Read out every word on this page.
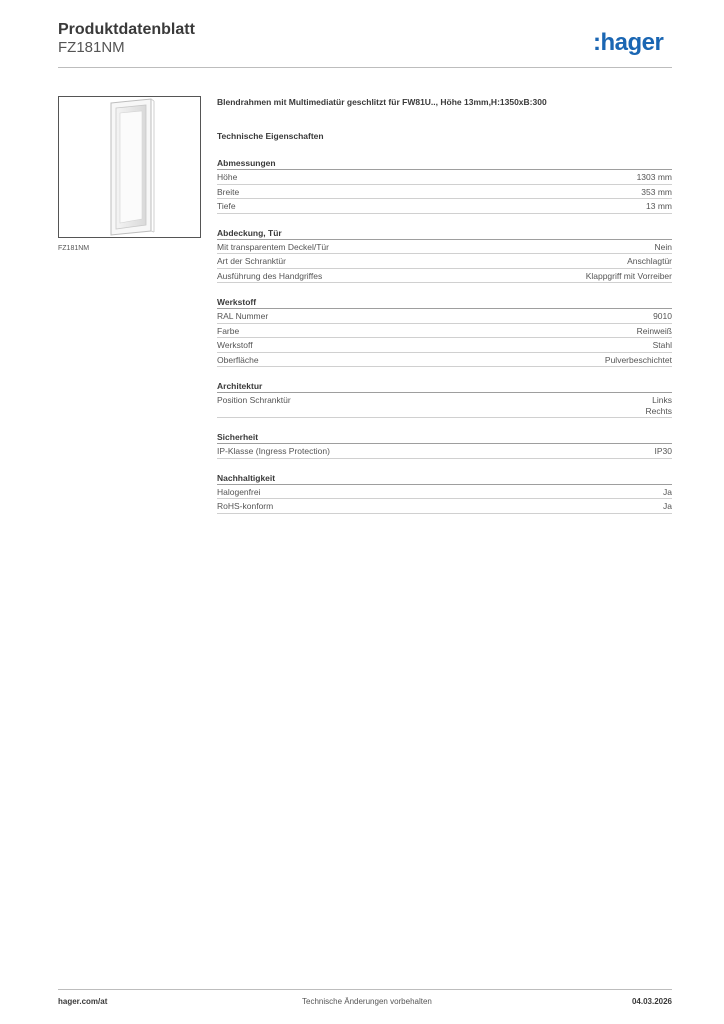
Produktdatenblatt
FZ181NM	:hager
FZ181NM
Blendrahmen mit Multimediatür geschlitzt für FW81U.., Höhe 13mm,H:1350xB:300
Technische Eigenschaften
Abmessungen
Höhe	1303 mm
Breite	353 mm
Tiefe	13 mm
Abdeckung, Tür
Mit transparentem Deckel/Tür	Nein
Art der Schranktür	Anschlagtür
Ausführung des Handgriffes	Klappgriff mit Vorreiber
Werkstoff
RAL Nummer	9010
Farbe	Reinweiß
Werkstoff	Stahl
Oberfläche	Pulverbeschichtet
Architektur
Position Schranktür	Links
Rechts
Sicherheit
IP-Klasse (Ingress Protection)	IP30
Nachhaltigkeit
Halogenfrei	Ja
RoHS-konform	Ja
hager.com/at	Technische Änderungen vorbehalten	04.03.2026
